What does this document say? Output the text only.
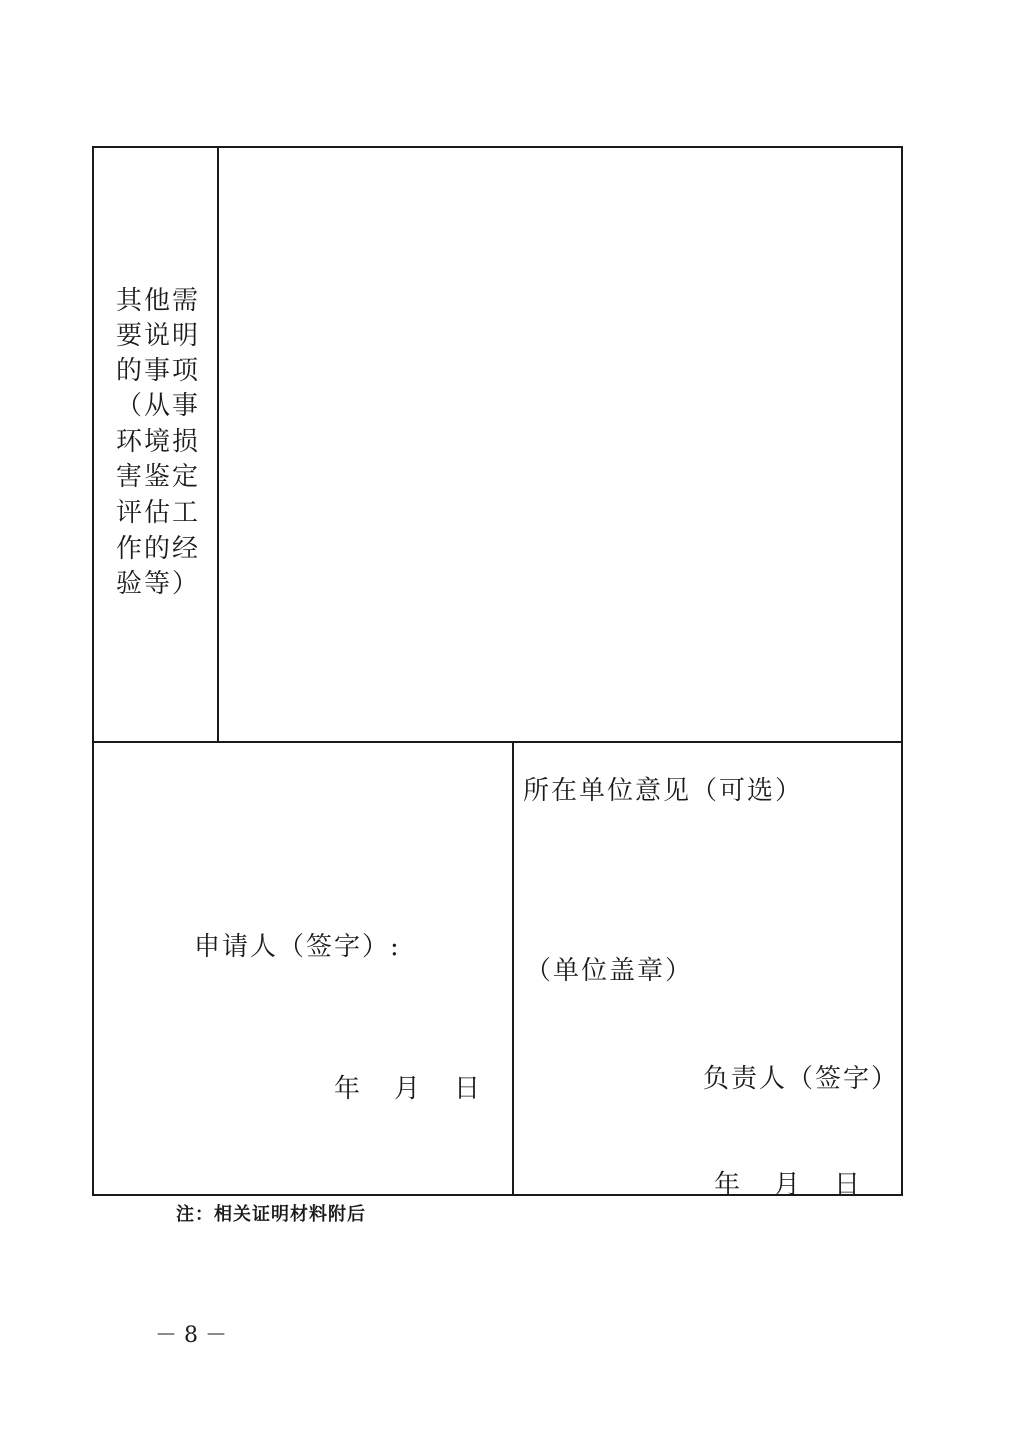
其他需
要说明
的事项
（从事
环境损
害鉴定
评估工
作的经
验等）
申请人（签字）:
年　月　日
所在单位意见（可选）
（单位盖章）
负责人（签字）
年　月　日
注：相关证明材料附后
－ 8 －
